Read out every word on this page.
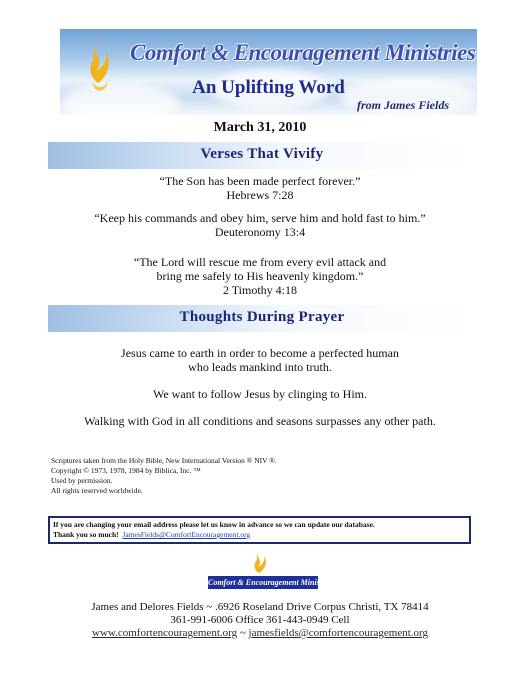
Comfort & Encouragement Ministries
An Uplifting Word
from James Fields
March 31, 2010
Verses That Vivify
“The Son has been made perfect forever.”
Hebrews 7:28
“Keep his commands and obey him, serve him and hold fast to him.”
Deuteronomy 13:4
“The Lord will rescue me from every evil attack and
bring me safely to His heavenly kingdom.”
2 Timothy 4:18
Thoughts During Prayer
Jesus came to earth in order to become a perfected human
who leads mankind into truth.
We want to follow Jesus by clinging to Him.
Walking with God in all conditions and seasons surpasses any other path.
Scriptures taken from the Holy Bible, New International Version ® NIV ®.
Copyright © 1973, 1978, 1984 by Biblica, Inc. ™
Used by permission.
All rights reserved worldwide.
If you are changing your email address please let us know in advance so we can update our database.
Thank you so much! JamesFields@ComfortEncouragement.org
Comfort & Encouragement Ministries
James and Delores Fields ~ .6926 Roseland Drive Corpus Christi, TX 78414
361-991-6006 Office 361-443-0949 Cell
www.comfortencouragement.org ~ jamesfields@comfortencouragement.org
